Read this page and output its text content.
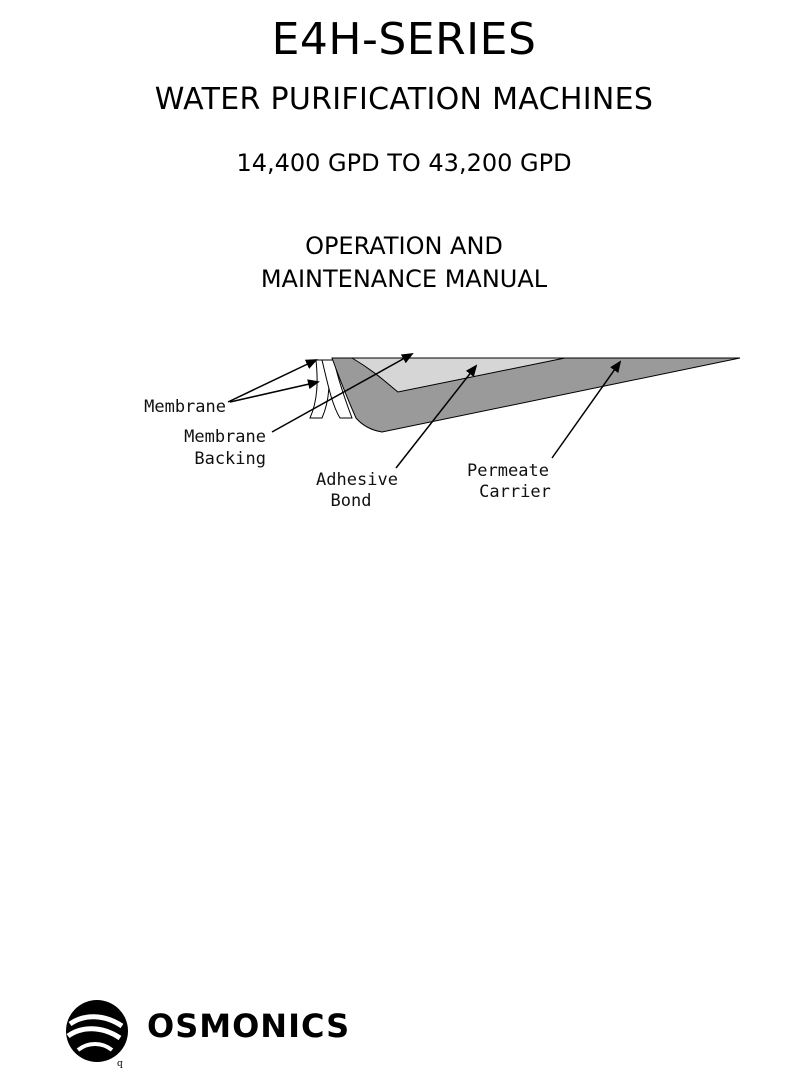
E4H-SERIES
WATER PURIFICATION MACHINES
14,400 GPD TO 43,200 GPD
OPERATION AND
MAINTENANCE MANUAL
Membrane
Membrane
Backing
Adhesive
Bond
Permeate
Carrier
OSMONICS
q
